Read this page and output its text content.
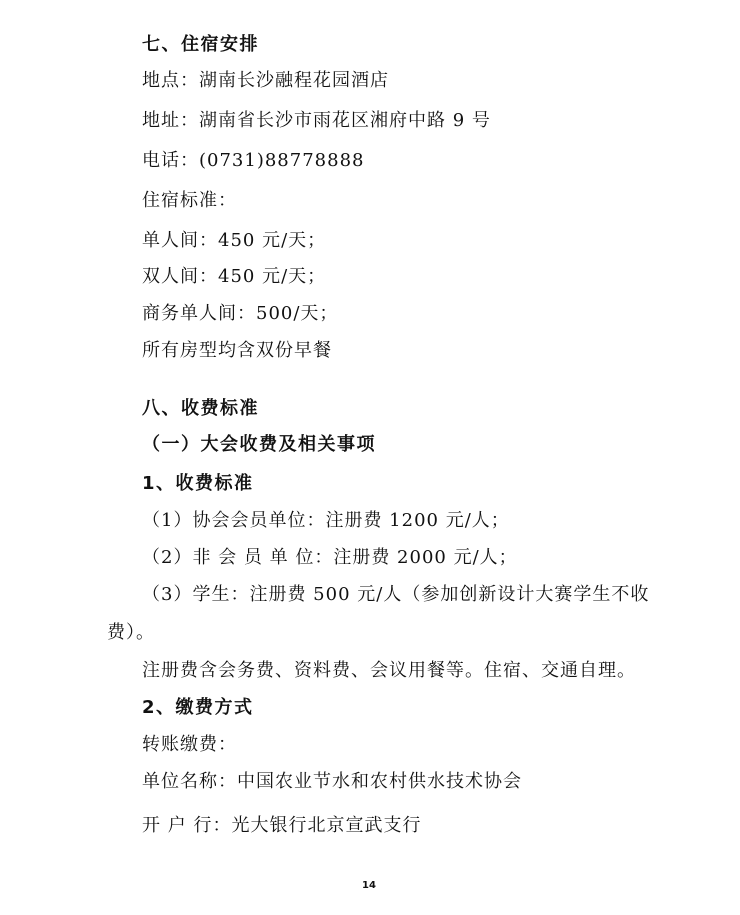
七、住宿安排
地点：湖南长沙融程花园酒店
地址：湖南省长沙市雨花区湘府中路 9 号
电话：(0731)88778888
住宿标准：
单人间：450 元/天；
双人间：450 元/天；
商务单人间：500/天；
所有房型均含双份早餐
八、收费标准
（一）大会收费及相关事项
1、收费标准
（1）协会会员单位：注册费 1200 元/人；
（2）非 会 员 单 位：注册费 2000 元/人；
（3）学生：注册费 500 元/人（参加创新设计大赛学生不收
费）。
注册费含会务费、资料费、会议用餐等。住宿、交通自理。
2、缴费方式
转账缴费：
单位名称：中国农业节水和农村供水技术协会
开 户 行：光大银行北京宣武支行
14
